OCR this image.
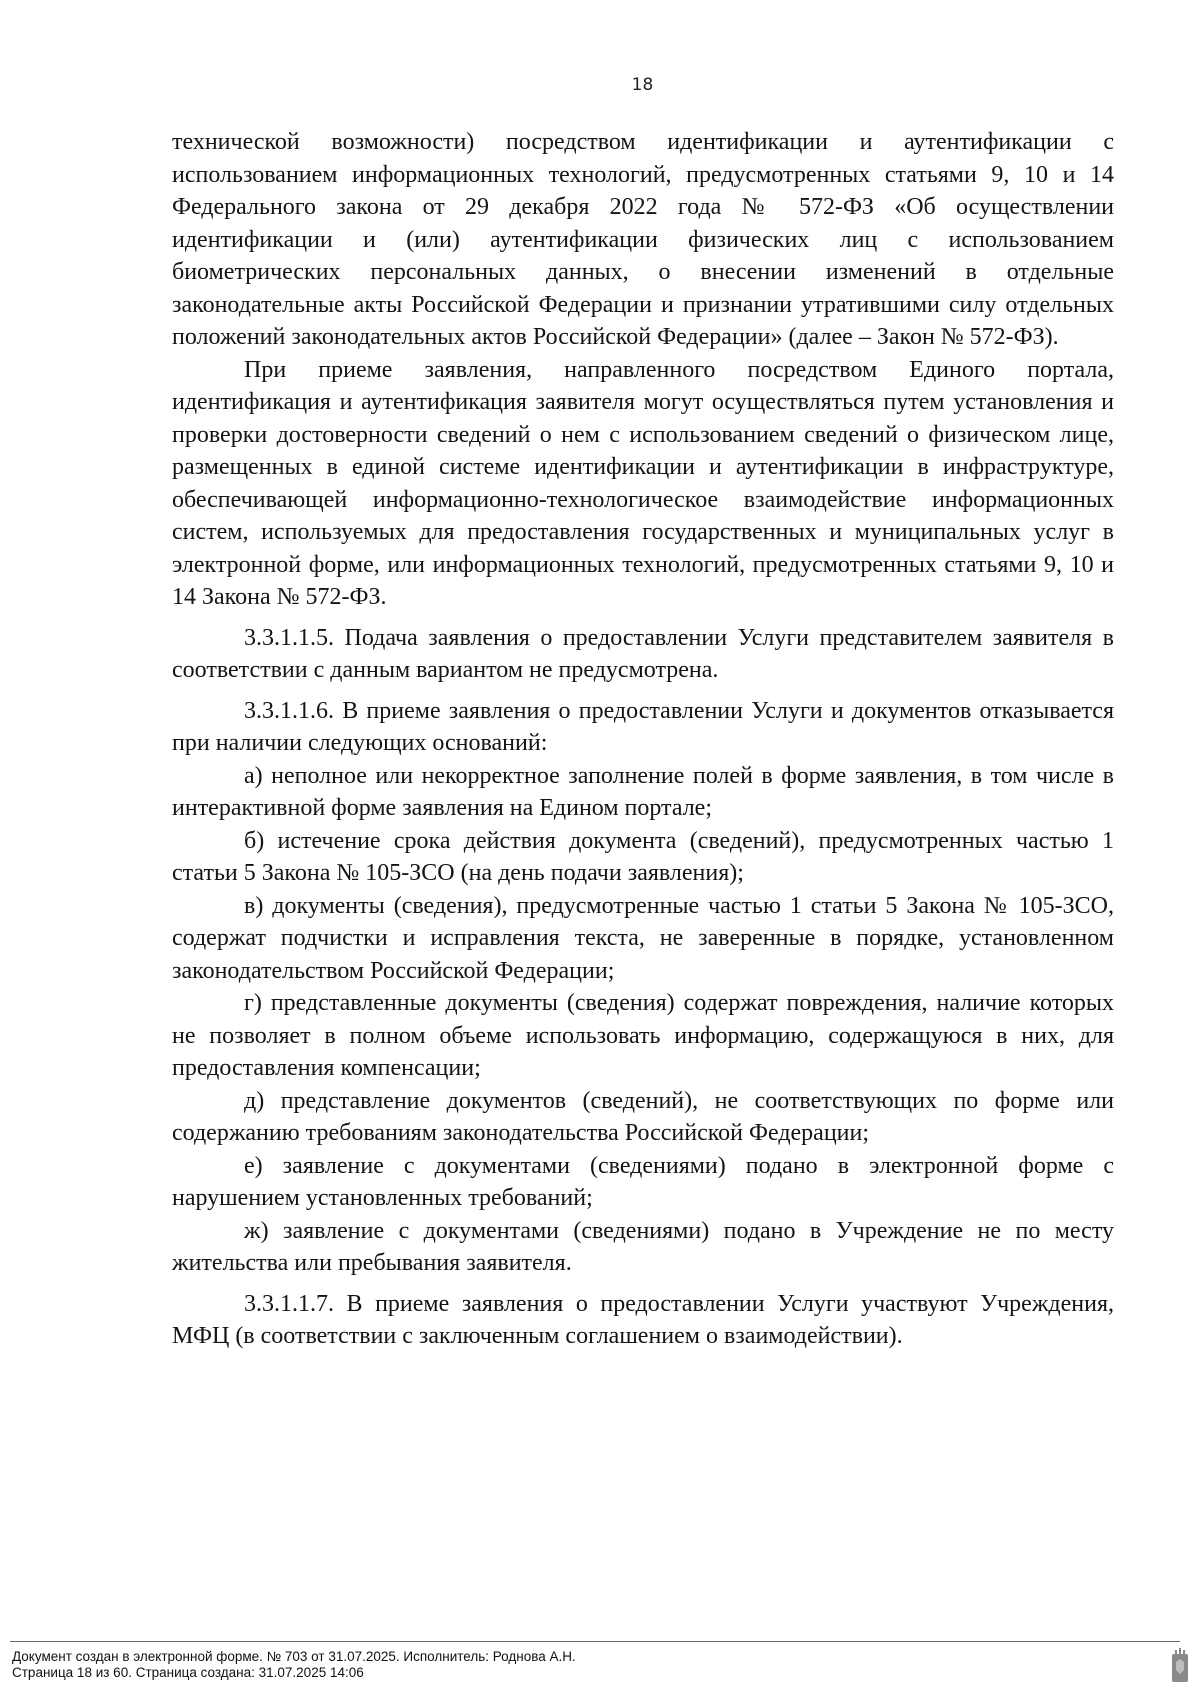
18

технической возможности) посредством идентификации и аутентификации с использованием информационных технологий, предусмотренных статьями 9, 10 и 14 Федерального закона от 29 декабря 2022 года № 572-ФЗ «Об осуществлении идентификации и (или) аутентификации физических лиц с использованием биометрических персональных данных, о внесении изменений в отдельные законодательные акты Российской Федерации и признании утратившими силу отдельных положений законодательных актов Российской Федерации» (далее – Закон № 572-ФЗ).

При приеме заявления, направленного посредством Единого портала, идентификация и аутентификация заявителя могут осуществляться путем установления и проверки достоверности сведений о нем с использованием сведений о физическом лице, размещенных в единой системе идентификации и аутентификации в инфраструктуре, обеспечивающей информационно-технологическое взаимодействие информационных систем, используемых для предоставления государственных и муниципальных услуг в электронной форме, или информационных технологий, предусмотренных статьями 9, 10 и 14 Закона № 572-ФЗ.

3.3.1.1.5. Подача заявления о предоставлении Услуги представителем заявителя в соответствии с данным вариантом не предусмотрена.

3.3.1.1.6. В приеме заявления о предоставлении Услуги и документов отказывается при наличии следующих оснований:

а) неполное или некорректное заполнение полей в форме заявления, в том числе в интерактивной форме заявления на Едином портале;

б) истечение срока действия документа (сведений), предусмотренных частью 1 статьи 5 Закона № 105-ЗСО (на день подачи заявления);

в) документы (сведения), предусмотренные частью 1 статьи 5 Закона № 105-ЗСО, содержат подчистки и исправления текста, не заверенные в порядке, установленном законодательством Российской Федерации;

г) представленные документы (сведения) содержат повреждения, наличие которых не позволяет в полном объеме использовать информацию, содержащуюся в них, для предоставления компенсации;

д) представление документов (сведений), не соответствующих по форме или содержанию требованиям законодательства Российской Федерации;

е) заявление с документами (сведениями) подано в электронной форме с нарушением установленных требований;

ж) заявление с документами (сведениями) подано в Учреждение не по месту жительства или пребывания заявителя.

3.3.1.1.7. В приеме заявления о предоставлении Услуги участвуют Учреждения, МФЦ (в соответствии с заключенным соглашением о взаимодействии).

Документ создан в электронной форме. № 703 от 31.07.2025. Исполнитель: Роднова А.Н.
Страница 18 из 60. Страница создана: 31.07.2025 14:06
